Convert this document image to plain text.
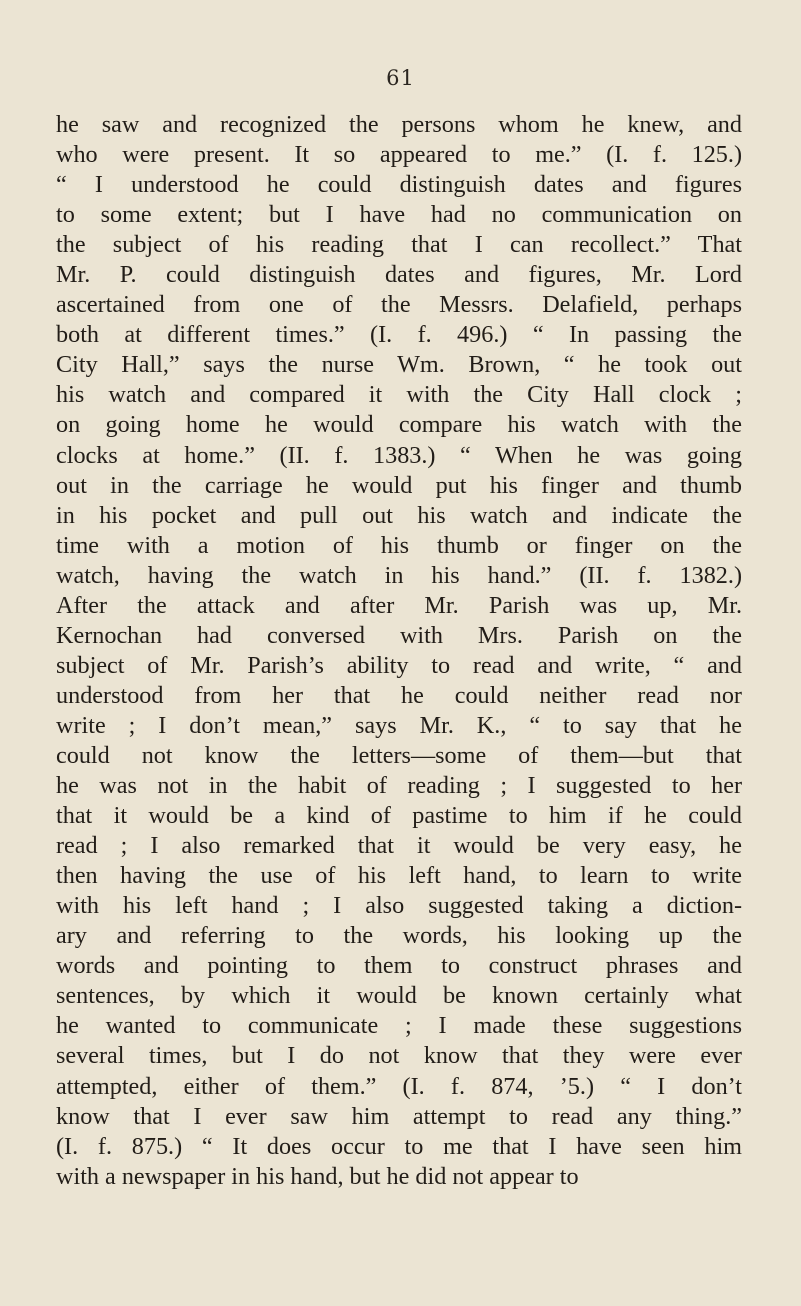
61
he saw and recognized the persons whom he knew, and
who were present. It so appeared to me.” (I. f. 125.)
“ I understood he could distinguish dates and figures
to some extent; but I have had no communication on
the subject of his reading that I can recollect.” That
Mr. P. could distinguish dates and figures, Mr. Lord
ascertained from one of the Messrs. Delafield, perhaps
both at different times.” (I. f. 496.) “ In passing the
City Hall,” says the nurse Wm. Brown, “ he took out
his watch and compared it with the City Hall clock ;
on going home he would compare his watch with the
clocks at home.” (II. f. 1383.) “ When he was going
out in the carriage he would put his finger and thumb
in his pocket and pull out his watch and indicate the
time with a motion of his thumb or finger on the
watch, having the watch in his hand.” (II. f. 1382.)
After the attack and after Mr. Parish was up, Mr.
Kernochan had conversed with Mrs. Parish on the
subject of Mr. Parish’s ability to read and write, “ and
understood from her that he could neither read nor
write ; I don’t mean,” says Mr. K., “ to say that he
could not know the letters—some of them—but that
he was not in the habit of reading ; I suggested to her
that it would be a kind of pastime to him if he could
read ; I also remarked that it would be very easy, he
then having the use of his left hand, to learn to write
with his left hand ; I also suggested taking a diction-
ary and referring to the words, his looking up the
words and pointing to them to construct phrases and
sentences, by which it would be known certainly what
he wanted to communicate ; I made these suggestions
several times, but I do not know that they were ever
attempted, either of them.” (I. f. 874, ’5.) “ I don’t
know that I ever saw him attempt to read any thing.”
(I. f. 875.) “ It does occur to me that I have seen him
with a newspaper in his hand, but he did not appear to
